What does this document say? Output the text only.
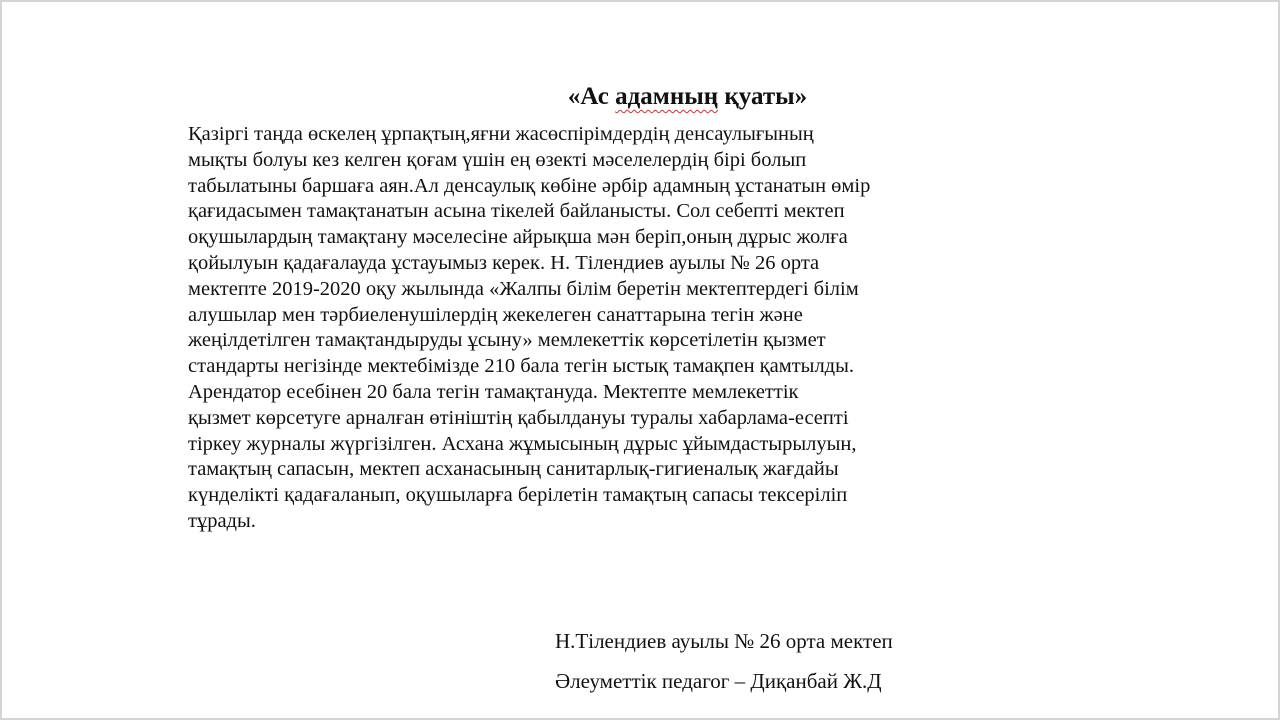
«Ас адамның қуаты»
Қазіргі таңда өскелең ұрпақтың,яғни жасөспірімдердің денсаулығының
мықты болуы кез келген қоғам үшін ең өзекті мәселелердің бірі болып
табылатыны баршаға аян.Ал денсаулық көбіне әрбір адамның ұстанатын өмір
қағидасымен тамақтанатын асына тікелей байланысты. Сол себепті мектеп
оқушылардың тамақтану мәселесіне айрықша мән беріп,оның дұрыс жолға
қойылуын қадағалауда ұстауымыз керек. Н. Тілендиев ауылы № 26 орта
мектепте 2019-2020 оқу жылында «Жалпы білім беретін мектептердегі білім
алушылар мен тәрбиеленушілердің жекелеген санаттарына тегін және
жеңілдетілген тамақтандыруды ұсыну» мемлекеттік көрсетілетін қызмет
стандарты негізінде мектебімізде 210 бала тегін ыстық тамақпен қамтылды.
Арендатор есебінен 20 бала тегін тамақтануда. Мектепте мемлекеттік
қызмет көрсетуге арналған өтініштің қабылдануы туралы хабарлама-есепті
тіркеу журналы жүргізілген. Асхана жұмысының дұрыс ұйымдастырылуын,
тамақтың сапасын, мектеп асханасының санитарлық-гигиеналық жағдайы
күнделікті қадағаланып, оқушыларға берілетін тамақтың сапасы тексеріліп
тұрады.
Н.Тілендиев ауылы № 26 орта мектеп
Әлеуметтік педагог – Диқанбай Ж.Д
